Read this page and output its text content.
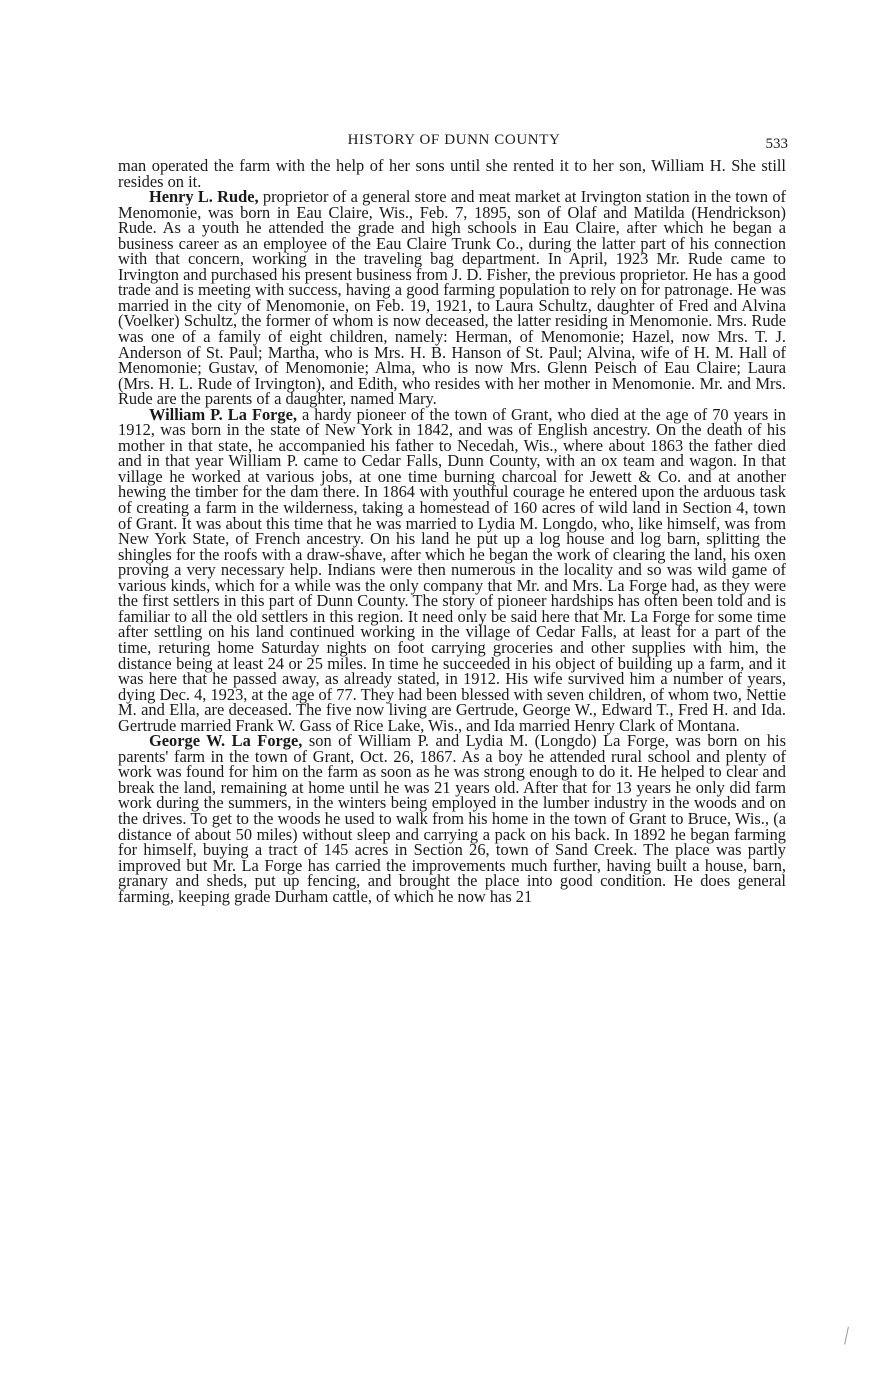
HISTORY OF DUNN COUNTY	533

man operated the farm with the help of her sons until she rented it to her son, William H. She still resides on it.

Henry L. Rude, proprietor of a general store and meat market at Irvington station in the town of Menomonie, was born in Eau Claire, Wis., Feb. 7, 1895, son of Olaf and Matilda (Hendrickson) Rude. As a youth he attended the grade and high schools in Eau Claire, after which he began a business career as an employee of the Eau Claire Trunk Co., during the latter part of his connection with that concern, working in the traveling bag department. In April, 1923 Mr. Rude came to Irvington and purchased his present business from J. D. Fisher, the previous proprietor. He has a good trade and is meeting with success, having a good farming population to rely on for patronage. He was married in the city of Menomonie, on Feb. 19, 1921, to Laura Schultz, daughter of Fred and Alvina (Voelker) Schultz, the former of whom is now deceased, the latter residing in Menomonie. Mrs. Rude was one of a family of eight children, namely: Herman, of Menomonie; Hazel, now Mrs. T. J. Anderson of St. Paul; Martha, who is Mrs. H. B. Hanson of St. Paul; Alvina, wife of H. M. Hall of Menomonie; Gustav, of Menomonie; Alma, who is now Mrs. Glenn Peisch of Eau Claire; Laura (Mrs. H. L. Rude of Irvington), and Edith, who resides with her mother in Menomonie. Mr. and Mrs. Rude are the parents of a daughter, named Mary.

William P. La Forge, a hardy pioneer of the town of Grant, who died at the age of 70 years in 1912, was born in the state of New York in 1842, and was of English ancestry. On the death of his mother in that state, he accompanied his father to Necedah, Wis., where about 1863 the father died and in that year William P. came to Cedar Falls, Dunn County, with an ox team and wagon. In that village he worked at various jobs, at one time burning charcoal for Jewett & Co. and at another hewing the timber for the dam there. In 1864 with youthful courage he entered upon the arduous task of creating a farm in the wilderness, taking a homestead of 160 acres of wild land in Section 4, town of Grant. It was about this time that he was married to Lydia M. Longdo, who, like himself, was from New York State, of French ancestry. On his land he put up a log house and log barn, splitting the shingles for the roofs with a draw-shave, after which he began the work of clearing the land, his oxen proving a very necessary help. Indians were then numerous in the locality and so was wild game of various kinds, which for a while was the only company that Mr. and Mrs. La Forge had, as they were the first settlers in this part of Dunn County. The story of pioneer hardships has often been told and is familiar to all the old settlers in this region. It need only be said here that Mr. La Forge for some time after settling on his land continued working in the village of Cedar Falls, at least for a part of the time, returing home Saturday nights on foot carrying groceries and other supplies with him, the distance being at least 24 or 25 miles. In time he succeeded in his object of building up a farm, and it was here that he passed away, as already stated, in 1912. His wife survived him a number of years, dying Dec. 4, 1923, at the age of 77. They had been blessed with seven children, of whom two, Nettie M. and Ella, are deceased. The five now living are Gertrude, George W., Edward T., Fred H. and Ida. Gertrude married Frank W. Gass of Rice Lake, Wis., and Ida married Henry Clark of Montana.

George W. La Forge, son of William P. and Lydia M. (Longdo) La Forge, was born on his parents' farm in the town of Grant, Oct. 26, 1867. As a boy he attended rural school and plenty of work was found for him on the farm as soon as he was strong enough to do it. He helped to clear and break the land, remaining at home until he was 21 years old. After that for 13 years he only did farm work during the summers, in the winters being employed in the lumber industry in the woods and on the drives. To get to the woods he used to walk from his home in the town of Grant to Bruce, Wis., (a distance of about 50 miles) without sleep and carrying a pack on his back. In 1892 he began farming for himself, buying a tract of 145 acres in Section 26, town of Sand Creek. The place was partly improved but Mr. La Forge has carried the improvements much further, having built a house, barn, granary and sheds, put up fencing, and brought the place into good condition. He does general farming, keeping grade Durham cattle, of which he now has 21
